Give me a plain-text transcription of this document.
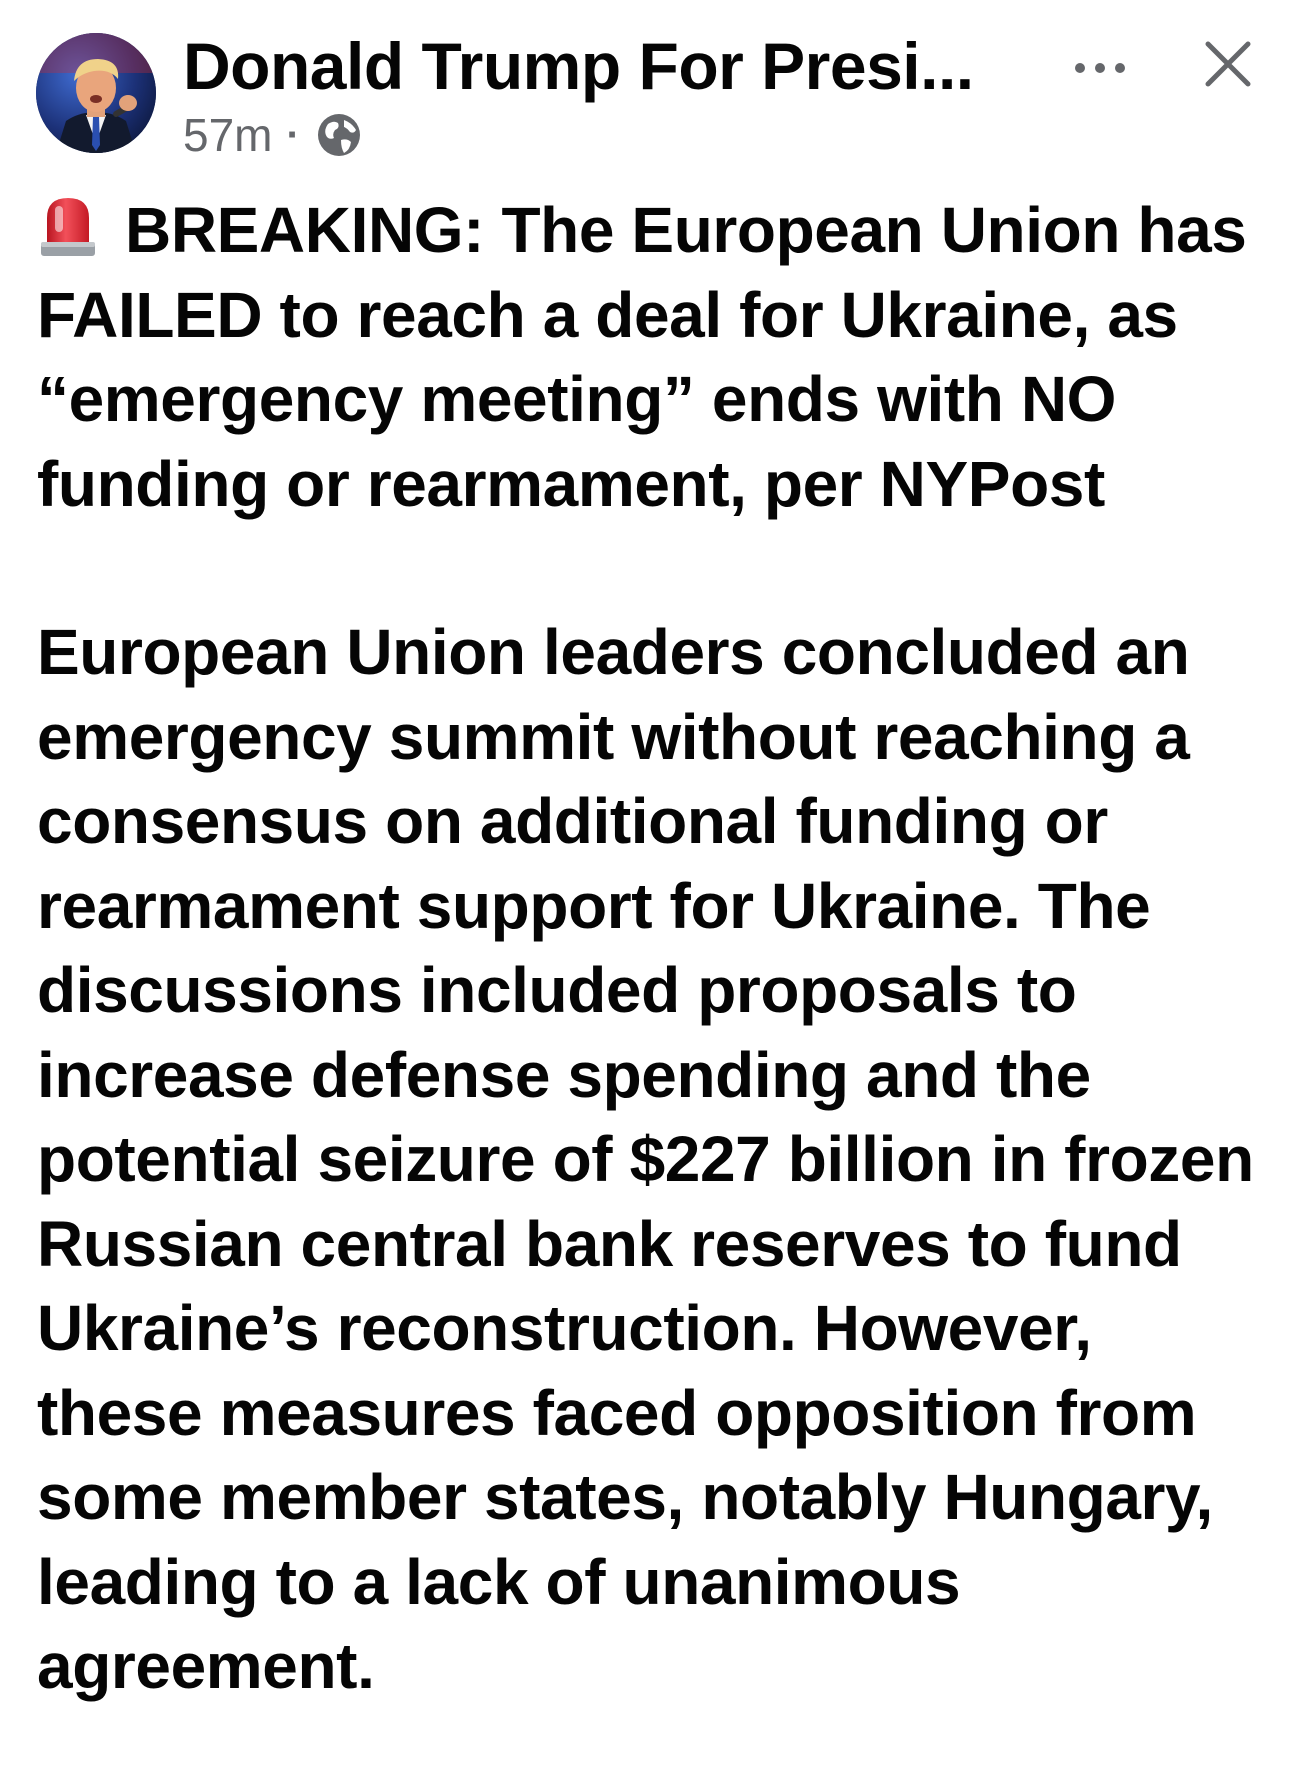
Donald Trump For Presi...
57m ·

BREAKING: The European Union has FAILED to reach a deal for Ukraine, as “emergency meeting” ends with NO funding or rearmament, per NYPost

European Union leaders concluded an emergency summit without reaching a consensus on additional funding or rearmament support for Ukraine. The discussions included proposals to increase defense spending and the potential seizure of $227 billion in frozen Russian central bank reserves to fund Ukraine’s reconstruction. However, these measures faced opposition from some member states, notably Hungary, leading to a lack of unanimous agreement.
